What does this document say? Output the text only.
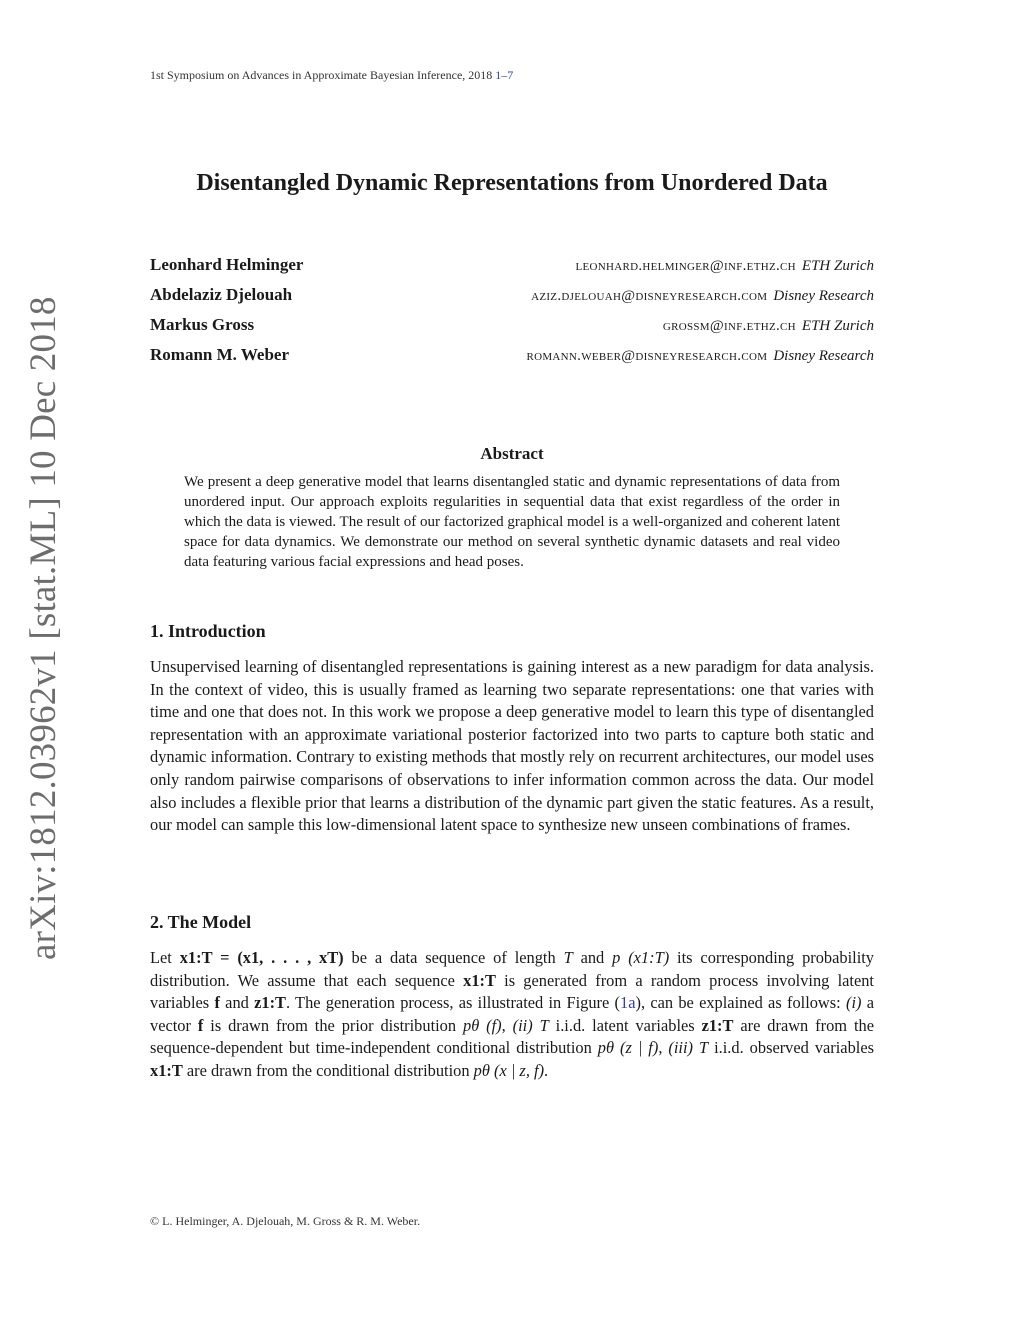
arXiv:1812.03962v1 [stat.ML] 10 Dec 2018
1st Symposium on Advances in Approximate Bayesian Inference, 2018 1–7
Disentangled Dynamic Representations from Unordered Data
Leonhard Helminger	leonhard.helminger@inf.ethz.ch ETH Zurich
Abdelaziz Djelouah	aziz.djelouah@disneyresearch.com Disney Research
Markus Gross	grossm@inf.ethz.ch ETH Zurich
Romann M. Weber	romann.weber@disneyresearch.com Disney Research
Abstract
We present a deep generative model that learns disentangled static and dynamic representations of data from unordered input. Our approach exploits regularities in sequential data that exist regardless of the order in which the data is viewed. The result of our factorized graphical model is a well-organized and coherent latent space for data dynamics. We demonstrate our method on several synthetic dynamic datasets and real video data featuring various facial expressions and head poses.
1. Introduction
Unsupervised learning of disentangled representations is gaining interest as a new paradigm for data analysis. In the context of video, this is usually framed as learning two separate representations: one that varies with time and one that does not. In this work we propose a deep generative model to learn this type of disentangled representation with an approximate variational posterior factorized into two parts to capture both static and dynamic information. Contrary to existing methods that mostly rely on recurrent architectures, our model uses only random pairwise comparisons of observations to infer information common across the data. Our model also includes a flexible prior that learns a distribution of the dynamic part given the static features. As a result, our model can sample this low-dimensional latent space to synthesize new unseen combinations of frames.
2. The Model
Let x1:T = (x1, . . . , xT) be a data sequence of length T and p (x1:T) its corresponding probability distribution. We assume that each sequence x1:T is generated from a random process involving latent variables f and z1:T. The generation process, as illustrated in Figure (1a), can be explained as follows: (i) a vector f is drawn from the prior distribution pθ (f), (ii) T i.i.d. latent variables z1:T are drawn from the sequence-dependent but time-independent conditional distribution pθ (z | f), (iii) T i.i.d. observed variables x1:T are drawn from the conditional distribution pθ (x | z, f).
© L. Helminger, A. Djelouah, M. Gross & R. M. Weber.
